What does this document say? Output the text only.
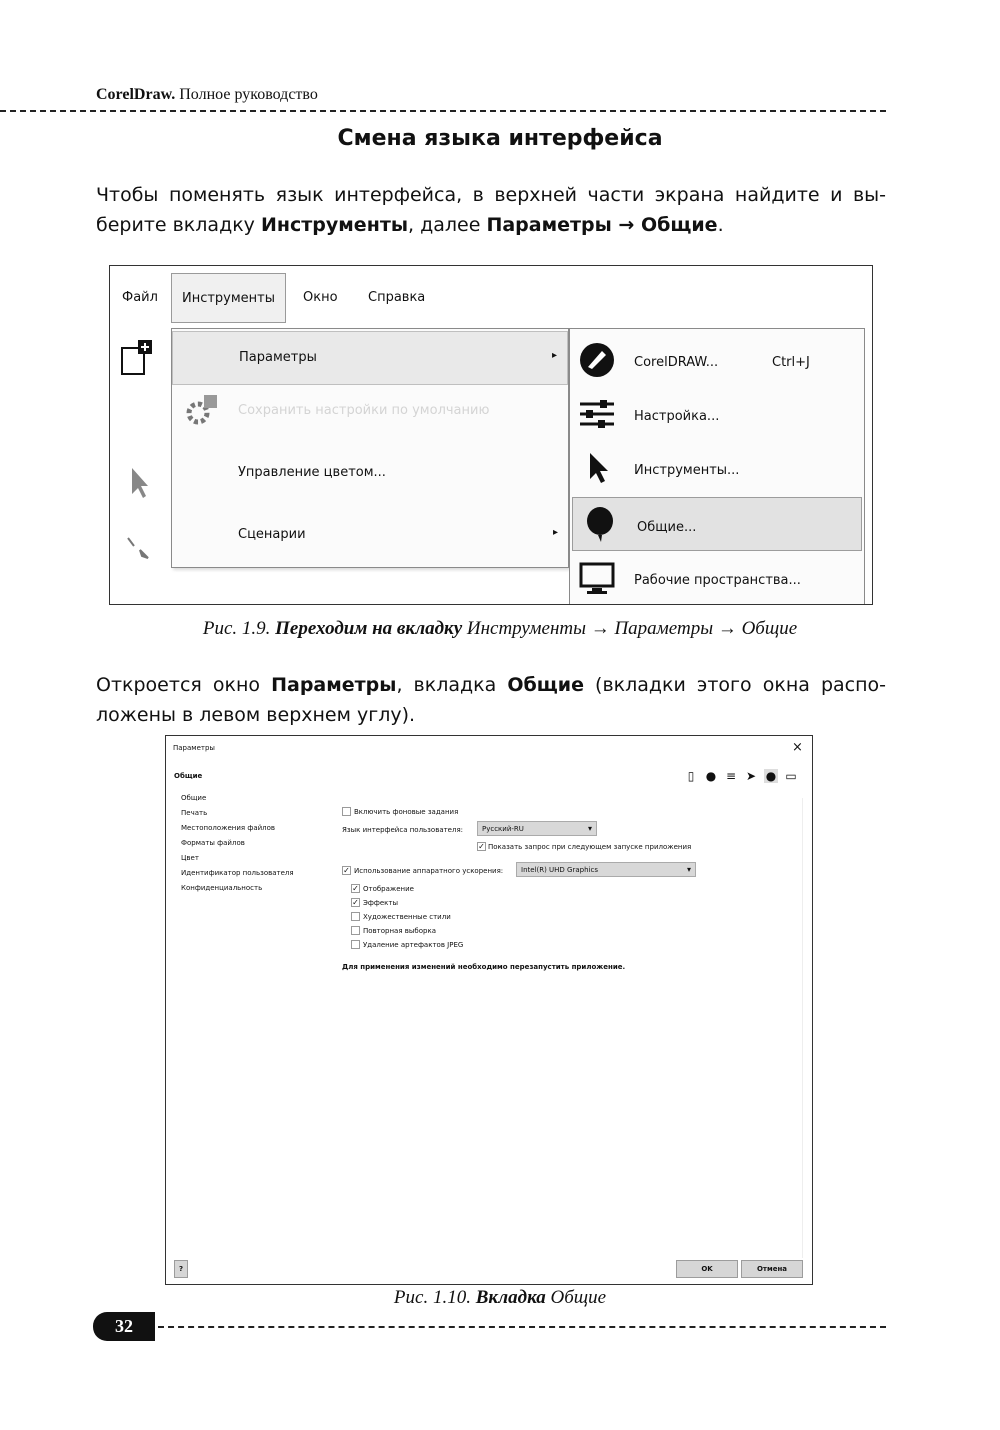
CorelDraw. Полное руководство
Смена языка интерфейса
Чтобы поменять язык интерфейса, в верхней части экрана найдите и вы-берите вкладку Инструменты, далее Параметры → Общие.
Файл	Инструменты	Окно Справка
Параметры	▸
Сохранить настройки по умолчанию
Управление цветом...
Сценарии	▸
CorelDRAW...	Ctrl+J
Настройка...
Инструменты...
Общие...
Рабочие пространства...
Рис. 1.9. Переходим на вкладку Инструменты → Параметры → Общие
Откроется окно Параметры, вкладка Общие (вкладки этого окна распо-ложены в левом верхнем углу).
Параметры	×
Общие	▯ ● ≡ ➤ ● ▭
Общие
Печать
Местоположения файлов
Форматы файлов
Цвет
Идентификатор пользователя
Конфиденциальность
Включить фоновые задания
Язык интерфейса пользователя:	Русский-RU ▾
✓ Показать запрос при следующем запуске приложения
✓ Использование аппаратного ускорения:	Intel(R) UHD Graphics ▾
✓ Отображение
✓ Эффекты
Художественные стили
Повторная выборка
Удаление артефактов JPEG
Для применения изменений необходимо перезапустить приложение.
?	OK	Отмена
Рис. 1.10. Вкладка Общие
32
